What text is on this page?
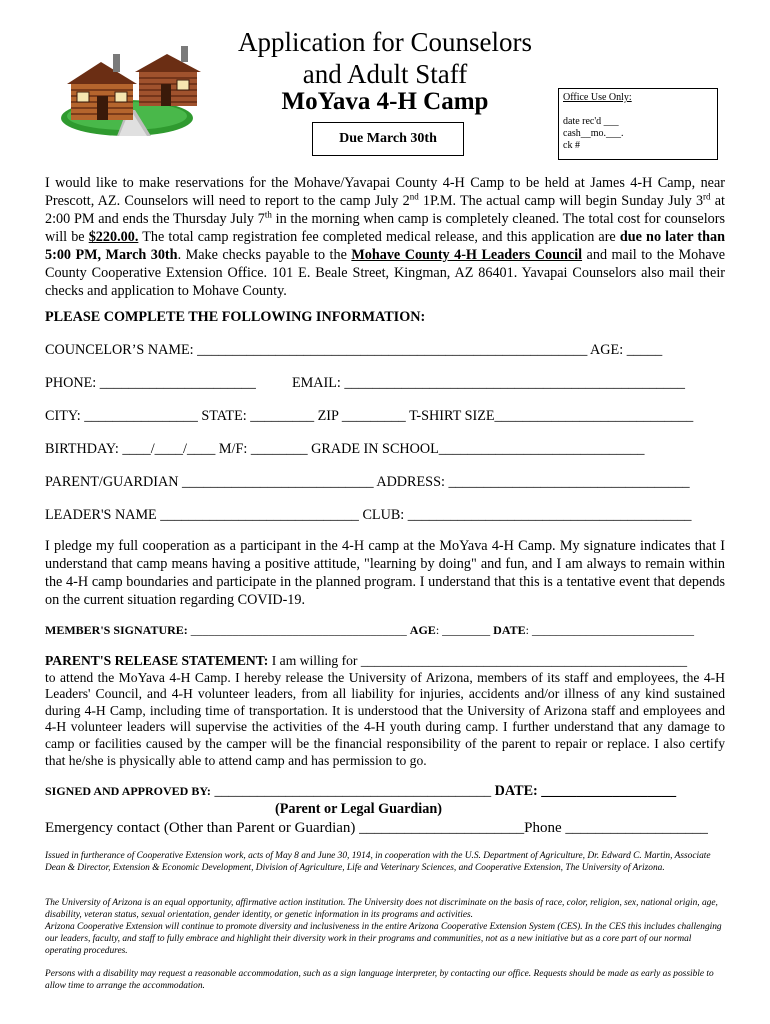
Application for Counselors
and Adult Staff
MoYava 4-H Camp
Due March 30th
Office Use Only:
date rec'd ___
cash__mo.___.
ck #
I would like to make reservations for the Mohave/Yavapai County 4-H Camp to be held at James 4-H Camp, near Prescott, AZ. Counselors will need to report to the camp July 2nd 1P.M. The actual camp will begin Sunday July 3rd at 2:00 PM and ends the Thursday July 7th in the morning when camp is completely cleaned. The total cost for counselors will be $220.00. The total camp registration fee completed medical release, and this application are due no later than 5:00 PM, March 30th. Make checks payable to the Mohave County 4-H Leaders Council and mail to the Mohave County Cooperative Extension Office. 101 E. Beale Street, Kingman, AZ 86401. Yavapai Counselors also mail their checks and application to Mohave County.
PLEASE COMPLETE THE FOLLOWING INFORMATION:
COUNCELOR’S NAME: _______________________________________________________ AGE: _____
PHONE: ______________________	EMAIL: ________________________________________________
CITY: ________________ STATE: _________ ZIP _________ T-SHIRT SIZE____________________________
BIRTHDAY: ____/____/____ M/F: ________ GRADE IN SCHOOL_____________________________
PARENT/GUARDIAN ___________________________ ADDRESS: __________________________________
LEADER'S NAME ____________________________ CLUB: ________________________________________
I pledge my full cooperation as a participant in the 4-H camp at the MoYava 4-H Camp. My signature indicates that I understand that camp means having a positive attitude, "learning by doing" and fun, and I am always to remain within the 4-H camp boundaries and participate in the planned program. I understand that this is a tentative event that depends on the current situation regarding COVID-19.
MEMBER'S SIGNATURE: ____________________________________ AGE: ________ DATE: ___________________________
PARENT'S RELEASE STATEMENT: I am willing for ________________________________________________
to attend the MoYava 4-H Camp. I hereby release the University of Arizona, members of its staff and employees, the 4-H Leaders' Council, and 4-H volunteer leaders, from all liability for injuries, accidents and/or illness of any kind sustained during 4-H Camp, including time of transportation. It is understood that the University of Arizona staff and employees and 4-H volunteer leaders will supervise the activities of the 4-H youth during camp. I further understand that any damage to camp or facilities caused by the camper will be the financial responsibility of the parent to repair or replace. I also certify that he/she is physically able to attend camp and has permission to go.
SIGNED AND APPROVED BY: _______________________________________ DATE: ___________________
(Parent or Legal Guardian)
Emergency contact (Other than Parent or Guardian) ______________________Phone ___________________
Issued in furtherance of Cooperative Extension work, acts of May 8 and June 30, 1914, in cooperation with the U.S. Department of Agriculture, Dr. Edward C. Martin, Associate Dean & Director, Extension & Economic Development, Division of Agriculture, Life and Veterinary Sciences, and Cooperative Extension, The University of Arizona.
The University of Arizona is an equal opportunity, affirmative action institution. The University does not discriminate on the basis of race, color, religion, sex, national origin, age, disability, veteran status, sexual orientation, gender identity, or genetic information in its programs and activities.
Arizona Cooperative Extension will continue to promote diversity and inclusiveness in the entire Arizona Cooperative Extension System (CES). In the CES this includes challenging our leaders, faculty, and staff to fully embrace and highlight their diversity work in their programs and communities, not as a new initiative but as a core part of our normal operating procedures.
Persons with a disability may request a reasonable accommodation, such as a sign language interpreter, by contacting our office. Requests should be made as early as possible to allow time to arrange the accommodation.
